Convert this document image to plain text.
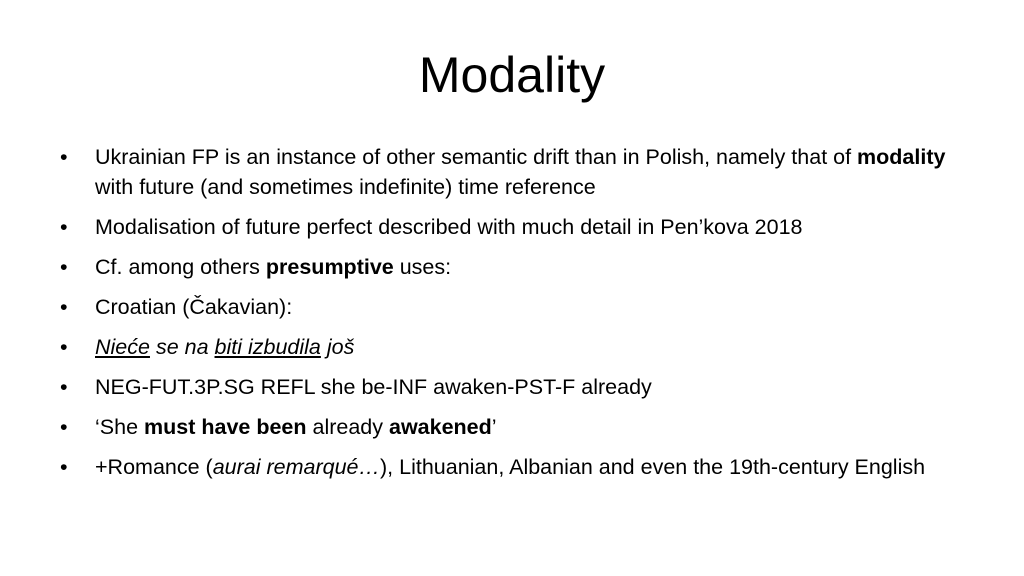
Modality
•	Ukrainian FP is an instance of other semantic drift than in Polish, namely that of modality with future (and sometimes indefinite) time reference
•	Modalisation of future perfect described with much detail in Pen’kova 2018
•	Cf. among others presumptive uses:
•	Croatian (Čakavian):
•	Nieće se na biti izbudila još
•	NEG-FUT.3P.SG REFL she be-INF awaken-PST-F already
•	‘She must have been already awakened’
•	+Romance (aurai remarqué…), Lithuanian, Albanian and even the 19th-century English
